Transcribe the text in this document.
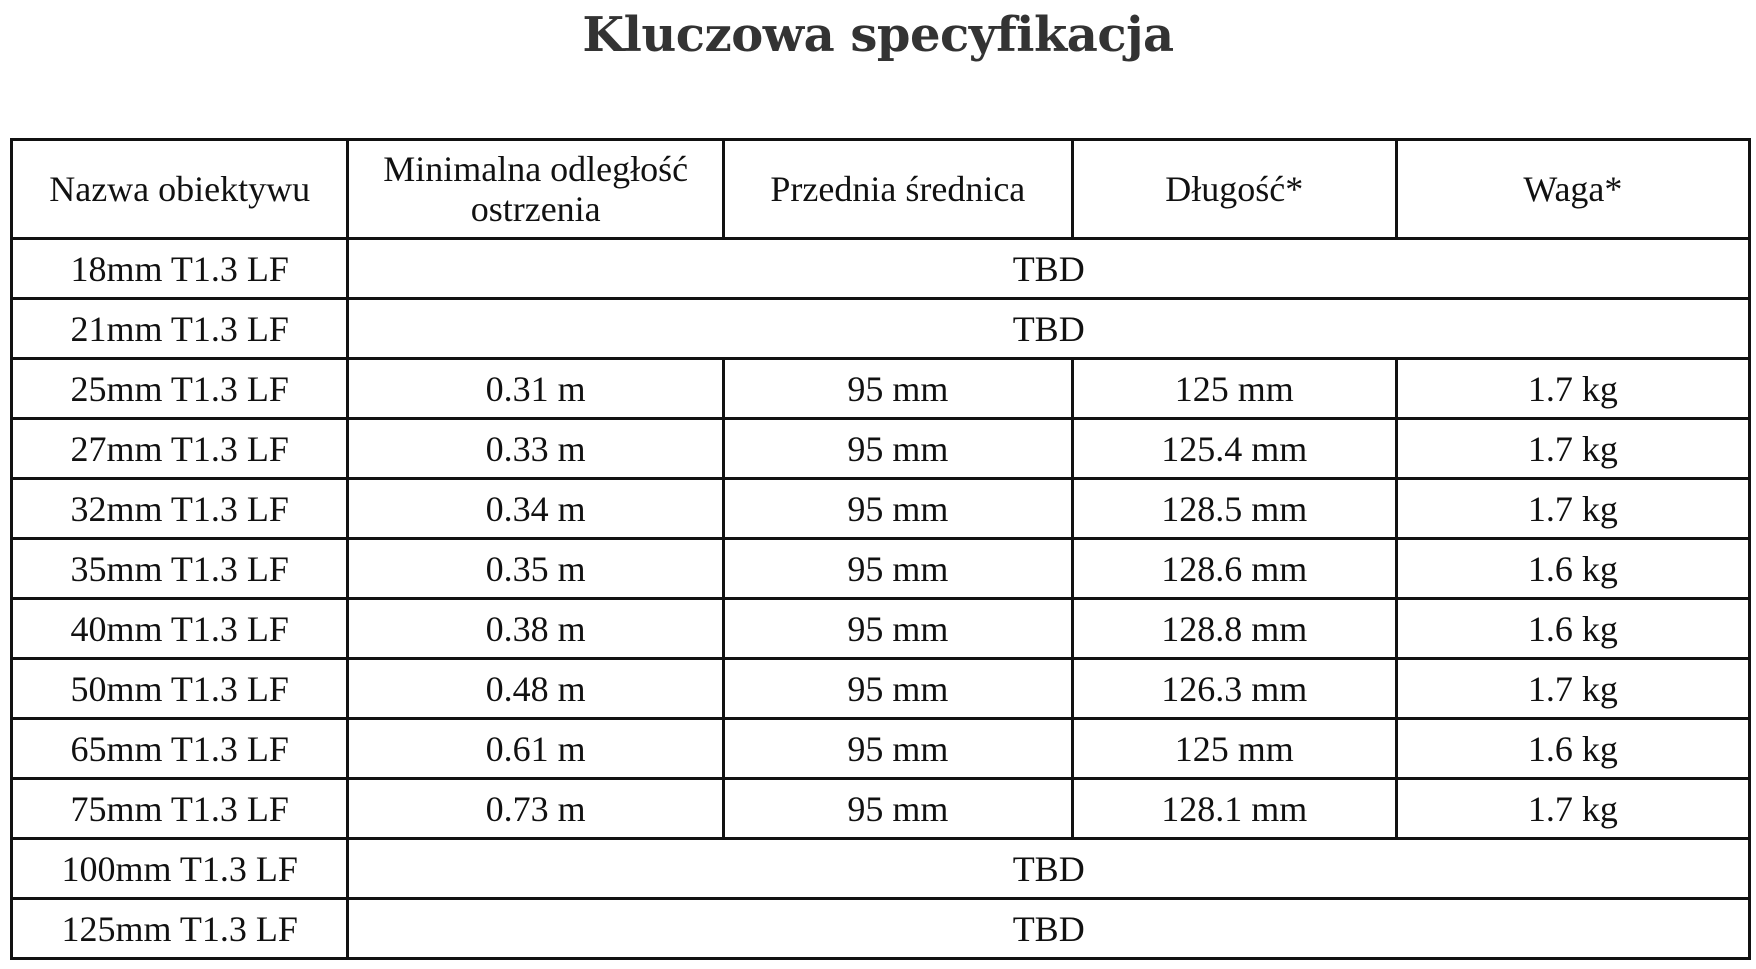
Kluczowa specyfikacja
Nazwa obiektywu	Minimalna odległość ostrzenia	Przednia średnica	Długość*	Waga*
18mm T1.3 LF	TBD			
21mm T1.3 LF	TBD			
25mm T1.3 LF	0.31 m	95 mm	125 mm	1.7 kg
27mm T1.3 LF	0.33 m	95 mm	125.4 mm	1.7 kg
32mm T1.3 LF	0.34 m	95 mm	128.5 mm	1.7 kg
35mm T1.3 LF	0.35 m	95 mm	128.6 mm	1.6 kg
40mm T1.3 LF	0.38 m	95 mm	128.8 mm	1.6 kg
50mm T1.3 LF	0.48 m	95 mm	126.3 mm	1.7 kg
65mm T1.3 LF	0.61 m	95 mm	125 mm	1.6 kg
75mm T1.3 LF	0.73 m	95 mm	128.1 mm	1.7 kg
100mm T1.3 LF	TBD			
125mm T1.3 LF	TBD			
